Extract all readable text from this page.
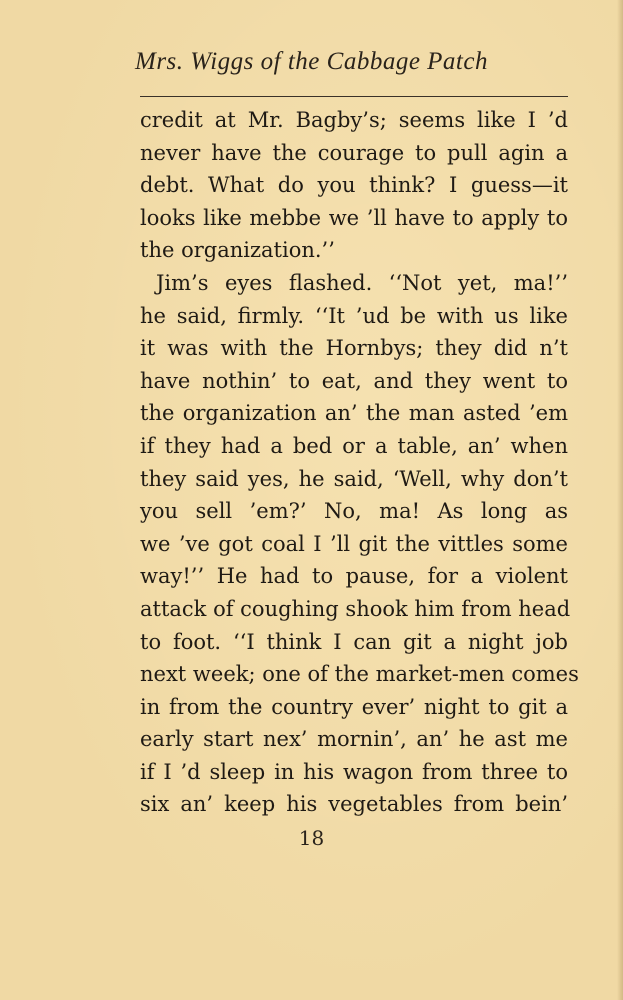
Mrs. Wiggs of the Cabbage Patch
credit at Mr. Bagby’s; seems like I ’d
never have the courage to pull agin a
debt. What do you think? I guess—it
looks like mebbe we ’ll have to apply to
the organization.’’
Jim’s eyes flashed. ‘‘Not yet, ma!’’
he said, firmly. ‘‘It ’ud be with us like
it was with the Hornbys; they did n’t
have nothin’ to eat, and they went to
the organization an’ the man asted ’em
if they had a bed or a table, an’ when
they said yes, he said, ‘Well, why don’t
you sell ’em?’ No, ma! As long as
we ’ve got coal I ’ll git the vittles some
way!’’ He had to pause, for a violent
attack of coughing shook him from head
to foot. ‘‘I think I can git a night job
next week; one of the market-men comes
in from the country ever’ night to git a
early start nex’ mornin’, an’ he ast me
if I ’d sleep in his wagon from three to
six an’ keep his vegetables from bein’
18
